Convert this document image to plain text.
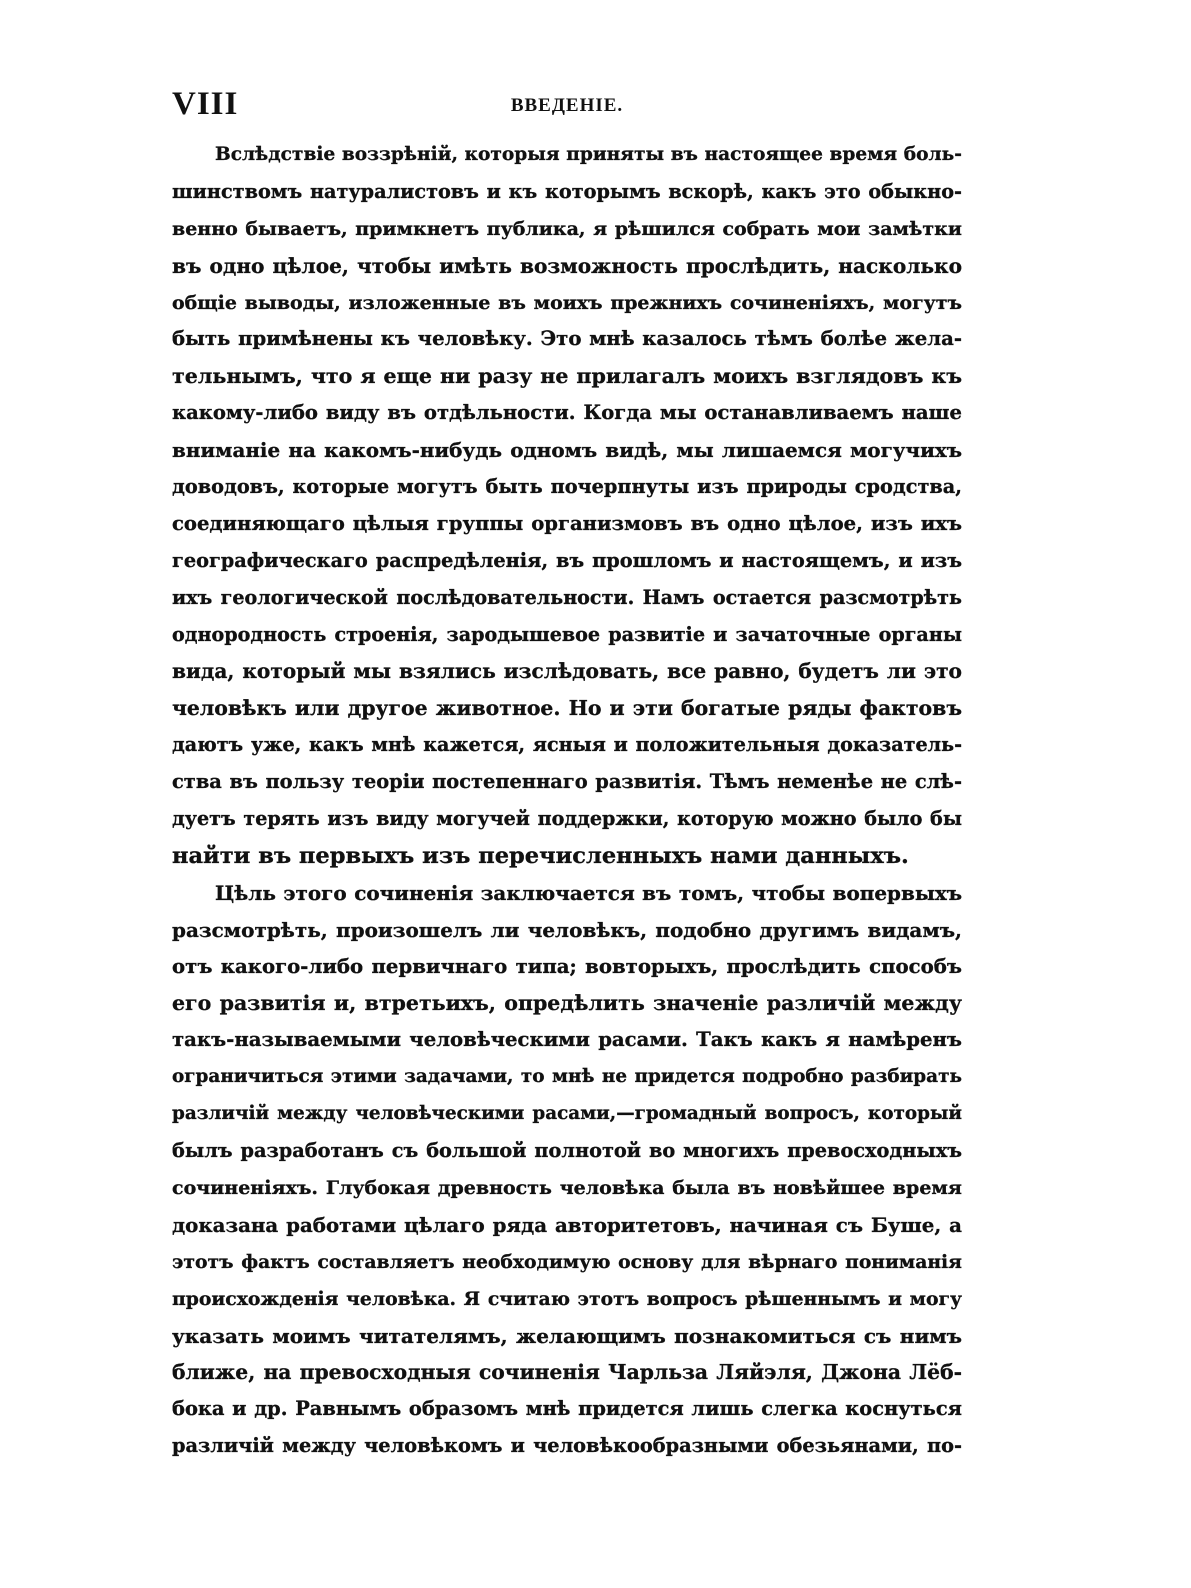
VIII	ВВЕДЕНІЕ.
Вслѣдствіе воззрѣній, которыя приняты въ настоящее время боль-
шинствомъ натуралистовъ и къ которымъ вскорѣ, какъ это обыкно-
венно бываетъ, примкнетъ публика, я рѣшился собрать мои замѣтки
въ одно цѣлое, чтобы имѣть возможность прослѣдить, насколько
общіе выводы, изложенные въ моихъ прежнихъ сочиненіяхъ, могутъ
быть примѣнены къ человѣку. Это мнѣ казалось тѣмъ болѣе жела-
тельнымъ, что я еще ни разу не прилагалъ моихъ взглядовъ къ
какому-либо виду въ отдѣльности. Когда мы останавливаемъ наше
вниманіе на какомъ-нибудь одномъ видѣ, мы лишаемся могучихъ
доводовъ, которые могутъ быть почерпнуты изъ природы сродства,
соединяющаго цѣлыя группы организмовъ въ одно цѣлое, изъ ихъ
географическаго распредѣленія, въ прошломъ и настоящемъ, и изъ
ихъ геологической послѣдовательности. Намъ остается разсмотрѣть
однородность строенія, зародышевое развитіе и зачаточные органы
вида, который мы взялись изслѣдовать, все равно, будетъ ли это
человѣкъ или другое животное. Но и эти богатые ряды фактовъ
даютъ уже, какъ мнѣ кажется, ясныя и положительныя доказатель-
ства въ пользу теоріи постепеннаго развитія. Тѣмъ неменѣе не слѣ-
дуетъ терять изъ виду могучей поддержки, которую можно было бы
найти въ первыхъ изъ перечисленныхъ нами данныхъ.
Цѣль этого сочиненія заключается въ томъ, чтобы вопервыхъ
разсмотрѣть, произошелъ ли человѣкъ, подобно другимъ видамъ,
отъ какого-либо первичнаго типа; вовторыхъ, прослѣдить способъ
его развитія и, втретьихъ, опредѣлить значеніе различій между
такъ-называемыми человѣческими расами. Такъ какъ я намѣренъ
ограничиться этими задачами, то мнѣ не придется подробно разбирать
различій между человѣческими расами,—громадный вопросъ, который
былъ разработанъ съ большой полнотой во многихъ превосходныхъ
сочиненіяхъ. Глубокая древность человѣка была въ новѣйшее время
доказана работами цѣлаго ряда авторитетовъ, начиная съ Буше, а
этотъ фактъ составляетъ необходимую основу для вѣрнаго пониманія
происхожденія человѣка. Я считаю этотъ вопросъ рѣшеннымъ и могу
указать моимъ читателямъ, желающимъ познакомиться съ нимъ
ближе, на превосходныя сочиненія Чарльза Ляйэля, Джона Лёб-
бока и др. Равнымъ образомъ мнѣ придется лишь слегка коснуться
различій между человѣкомъ и человѣкообразными обезьянами, по-
